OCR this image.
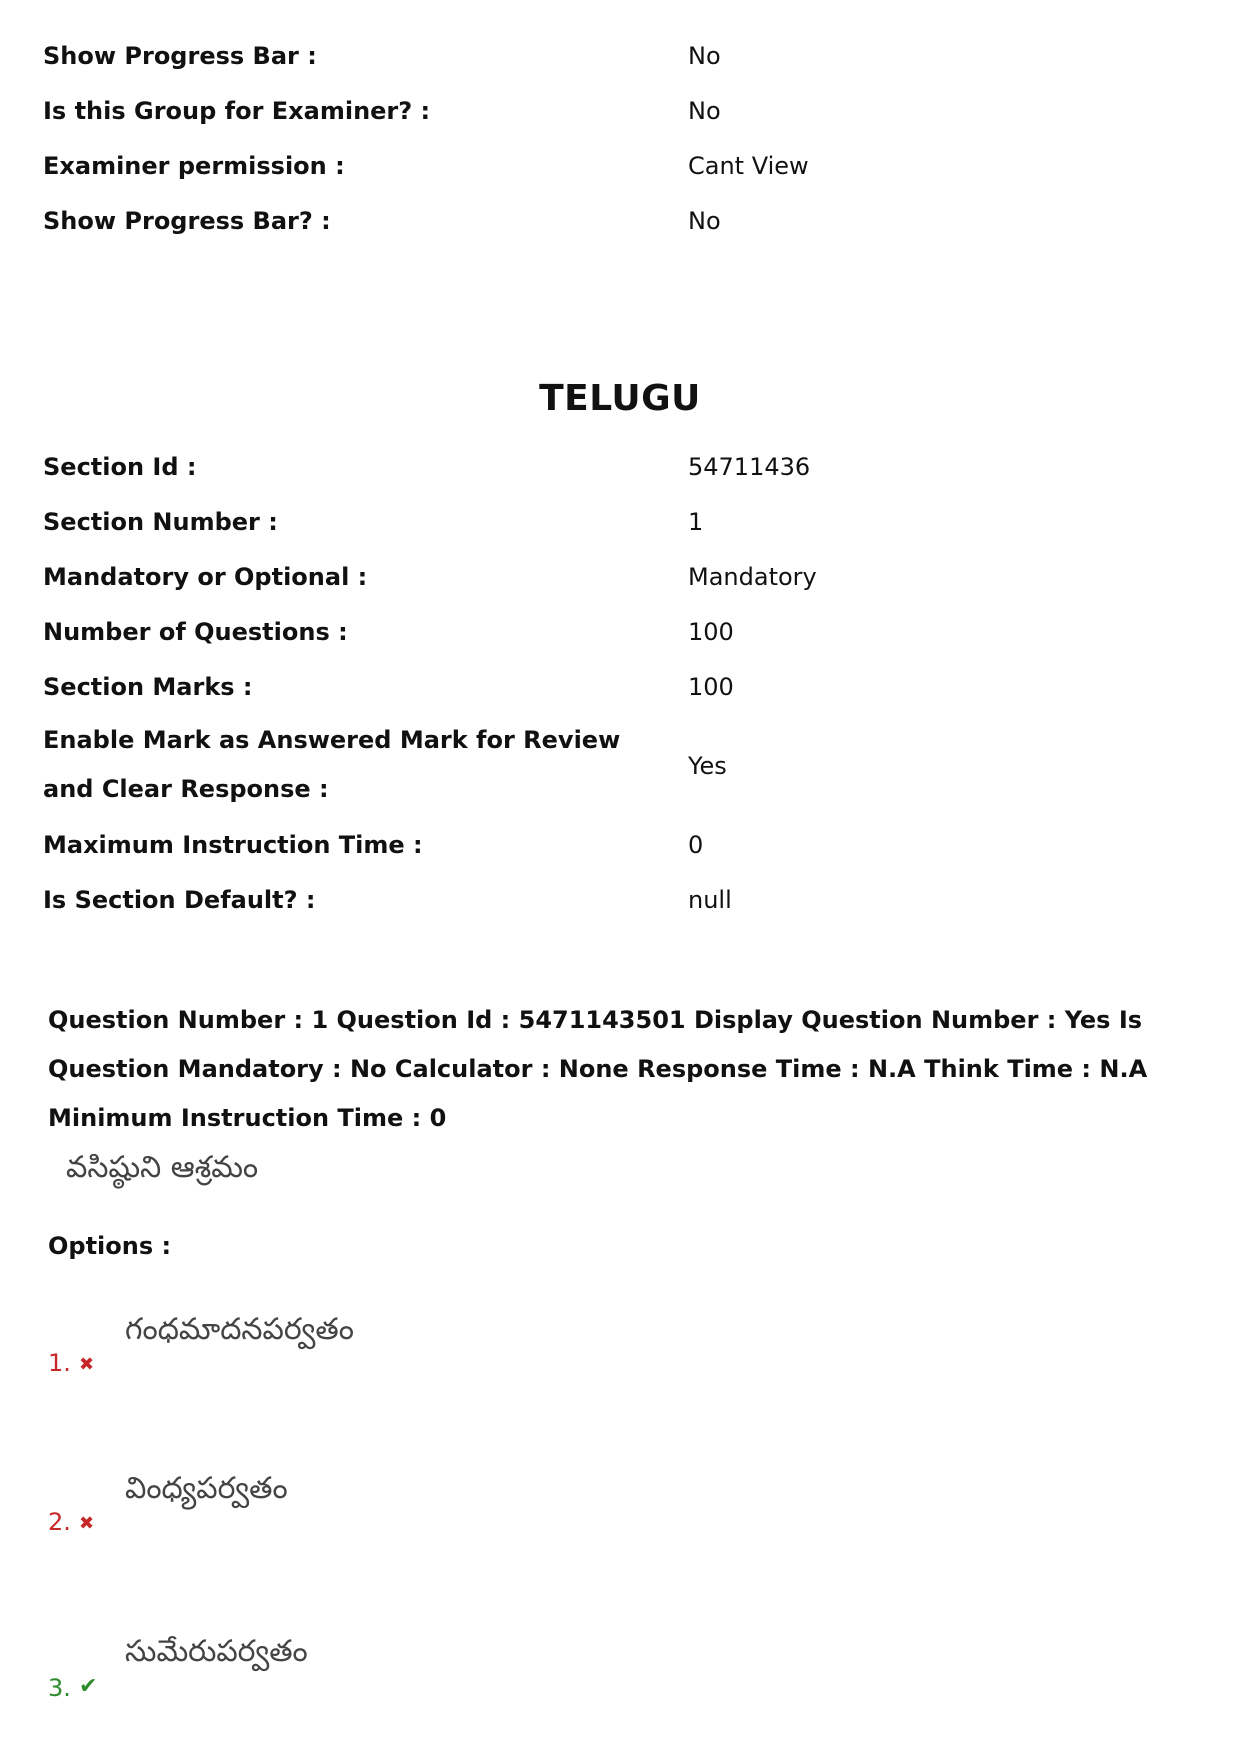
Show Progress Bar :	No
Is this Group for Examiner? :	No
Examiner permission :	Cant View
Show Progress Bar? :	No
TELUGU
Section Id :	54711436
Section Number :	1
Mandatory or Optional :	Mandatory
Number of Questions :	100
Section Marks :	100
Enable Mark as Answered Mark for Review and Clear Response :
Yes
Maximum Instruction Time :	0
Is Section Default? :	null
Question Number : 1 Question Id : 5471143501 Display Question Number : Yes Is Question Mandatory : No Calculator : None Response Time : N.A Think Time : N.A Minimum Instruction Time : 0
వసిష్ఠుని ఆశ్రమం
Options :
గంధమాదనపర్వతం
1. ✖
వింధ్యపర్వతం
2. ✖
సుమేరుపర్వతం
3. ✔
